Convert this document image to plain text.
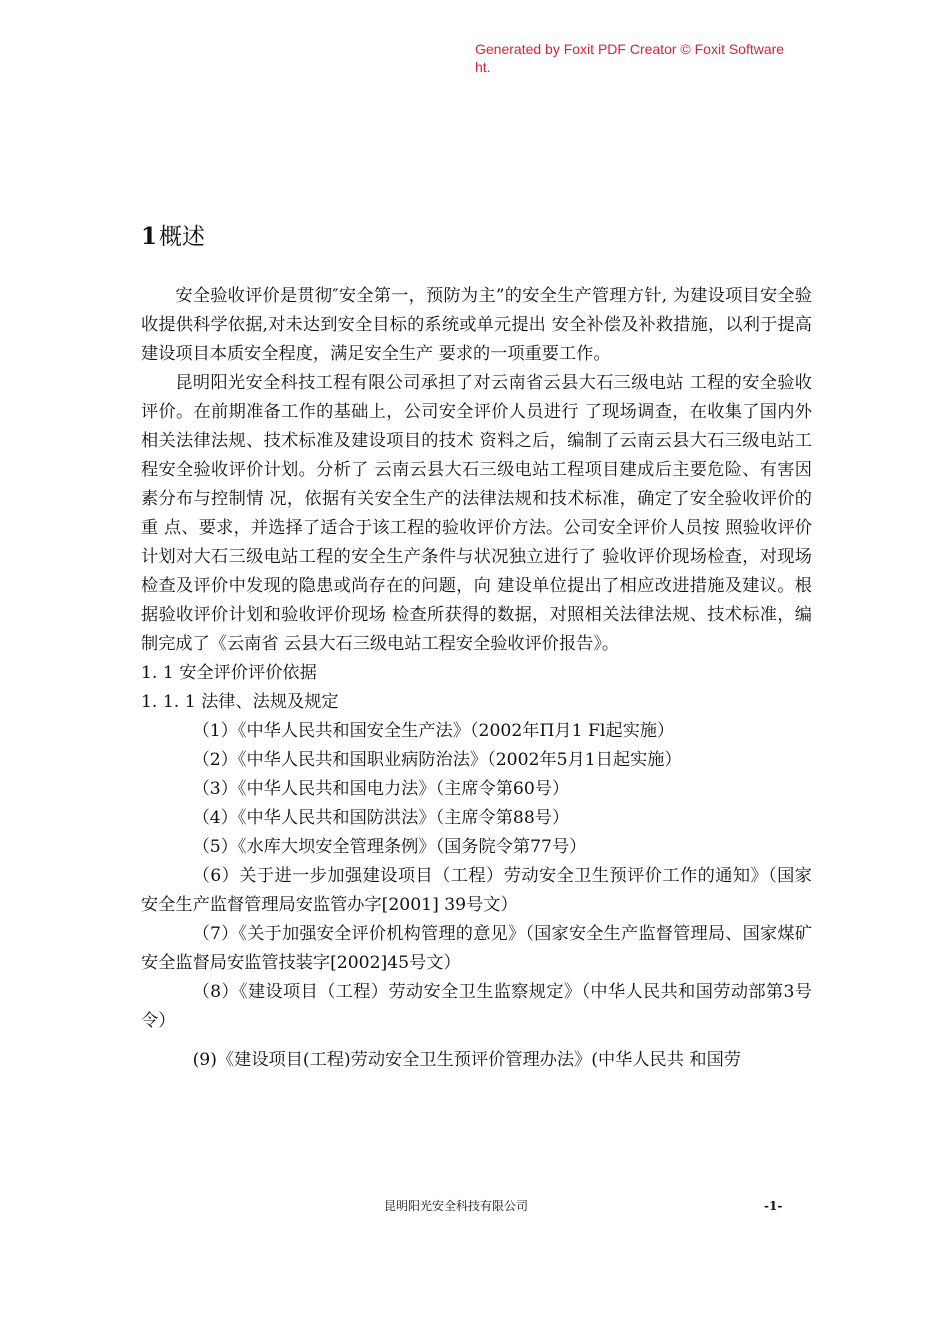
Generated by Foxit PDF Creator © Foxit Software
ht.
1概述

安全验收评价是贯彻″安全第一，预防为主”的安全生产管理方针, 为建设项目安全验收提供科学依据,对未达到安全目标的系统或单元提出 安全补偿及补救措施，以利于提高建设项目本质安全程度，满足安全生产 要求的一项重要工作。

昆明阳光安全科技工程有限公司承担了对云南省云县大石三级电站 工程的安全验收评价。在前期准备工作的基础上，公司安全评价人员进行 了现场调查，在收集了国内外相关法律法规、技术标准及建设项目的技术 资料之后，编制了云南云县大石三级电站工程安全验收评价计划。分析了 云南云县大石三级电站工程项目建成后主要危险、有害因素分布与控制情 况，依据有关安全生产的法律法规和技术标准，确定了安全验收评价的重 点、要求，并选择了适合于该工程的验收评价方法。公司安全评价人员按 照验收评价计划对大石三级电站工程的安全生产条件与状况独立进行了 验收评价现场检查，对现场检查及评价中发现的隐患或尚存在的问题，向 建设单位提出了相应改进措施及建议。根据验收评价计划和验收评价现场 检查所获得的数据，对照相关法律法规、技术标准，编制完成了《云南省 云县大石三级电站工程安全验收评价报告》。

1. 1 安全评价评价依据

1. 1. 1 法律、法规及规定

（1）《中华人民共和国安全生产法》（2002年Π月1 Fl起实施）

（2）《中华人民共和国职业病防治法》（2002年5月1日起实施）

（3）《中华人民共和国电力法》（主席令第60号）

（4）《中华人民共和国防洪法》（主席令第88号）

（5）《水库大坝安全管理条例》（国务院令第77号）

（6）关于进一步加强建设项目（工程）劳动安全卫生预评价工作的通知》（国家安全生产监督管理局安监管办字[2001] 39号文）

（7）《关于加强安全评价机构管理的意见》（国家安全生产监督管理局、国家煤矿安全监督局安监管技装字[2002]45号文）

（8）《建设项目（工程）劳动安全卫生监察规定》（中华人民共和国劳动部第3号令）

(9)《建设项目(工程)劳动安全卫生预评价管理办法》(中华人民共 和国劳

昆明阳光安全科技有限公司	-1-
